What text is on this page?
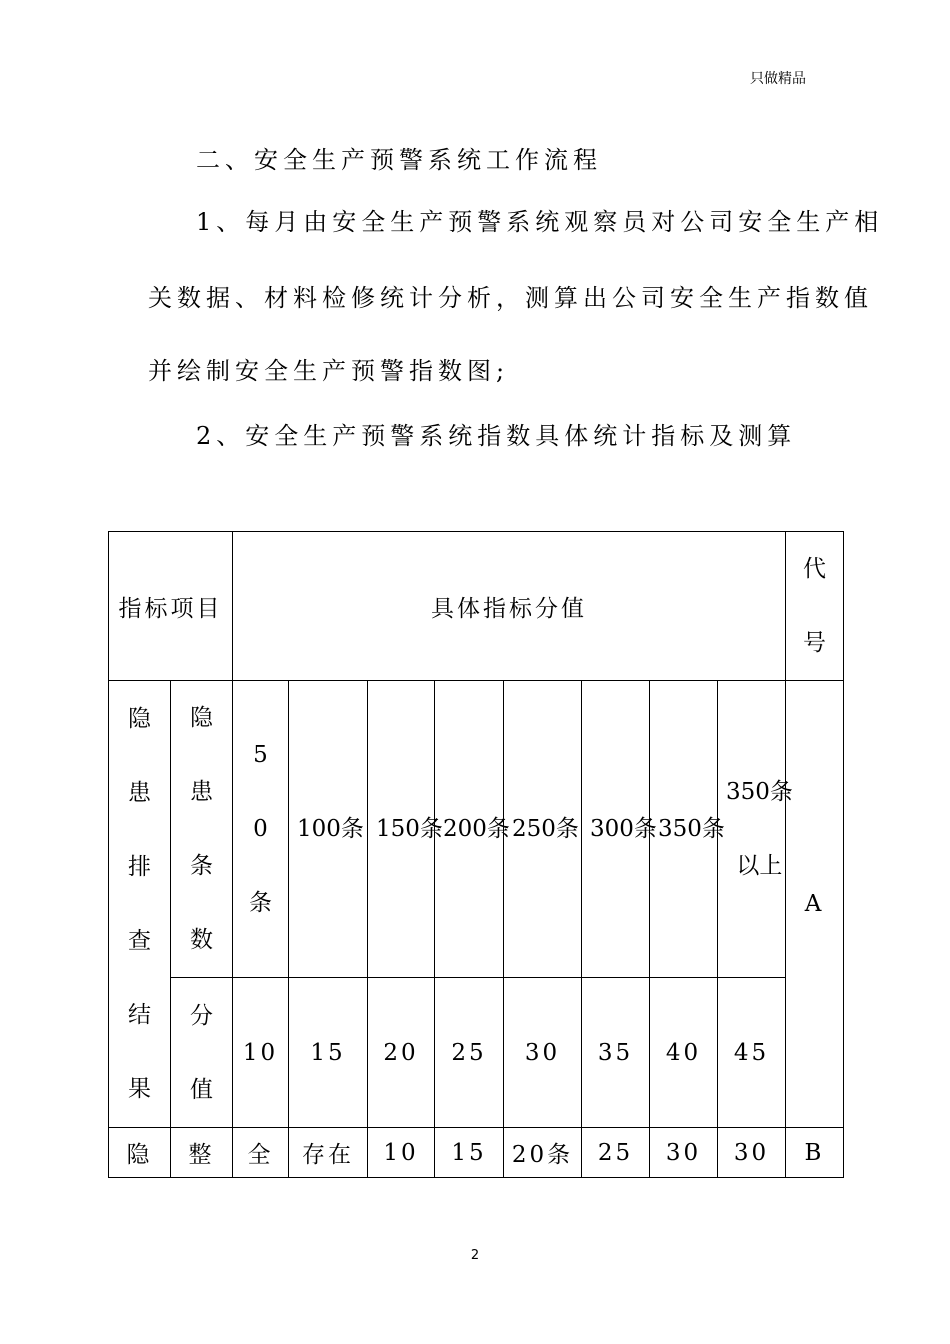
只做精品
二、安全生产预警系统工作流程
1、每月由安全生产预警系统观察员对公司安全生产相
关数据、材料检修统计分析，测算出公司安全生产指数值
并绘制安全生产预警指数图;
2、安全生产预警系统指数具体统计指标及测算
指标项目		具体指标分值								代号
隐患排查结果	隐患条数	50条	100条	150条	200条	250条	300条	350条	350条以上	A
	分值	10	15	20	25	30	35	40	45	
隐	整	全	存在	10	15	20条	25	30	30	B
2
